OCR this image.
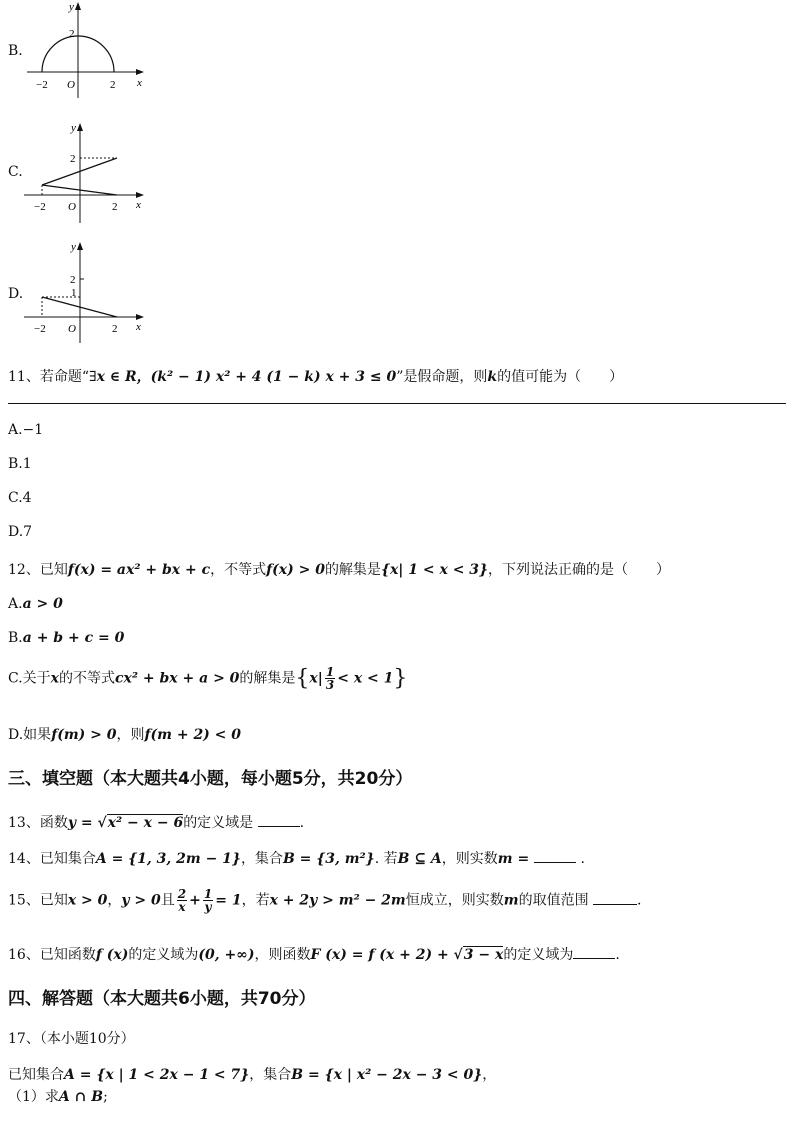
B.
y
x
O
−2	2
2
C.
y
x
O
−2	2
2
D.
y
x
O
−2	2
2
1
11、若命题“∃x ∈ R，(k² − 1) x² + 4 (1 − k) x + 3 ≤ 0”是假命题，则k的值可能为（　　）
A.−1
B.1
C.4
D.7
12、已知f(x) = ax² + bx + c，不等式f(x) > 0的解集是{x| 1 < x < 3}，下列说法正确的是（　　）
A.a > 0
B.a + b + c = 0
C.关于x的不等式cx² + bx + a > 0的解集是$\{x| \frac{1}{3} < x < 1\}$
D.如果f(m) > 0，则f(m + 2) < 0
三、填空题（本大题共4小题，每小题5分，共20分）
13、函数y = √x² − x − 6的定义域是	.
14、已知集合A = {1, 3, 2m − 1}，集合B = {3, m²}. 若B ⊆ A，则实数m =	.
15、已知x > 0，y > 0且 $\frac{2}{x} + \frac{1}{y} = 1$，若x + 2y > m² − 2m恒成立，则实数m的取值范围	.
16、已知函数f (x)的定义域为(0, +∞)，则函数F (x) = f (x + 2) + √3 − x的定义域为	.
四、解答题（本大题共6小题，共70分）
17、（本小题10分）
已知集合A = {x | 1 < 2x − 1 < 7}，集合B = {x | x² − 2x − 3 < 0}，
（1）求A ∩ B;
